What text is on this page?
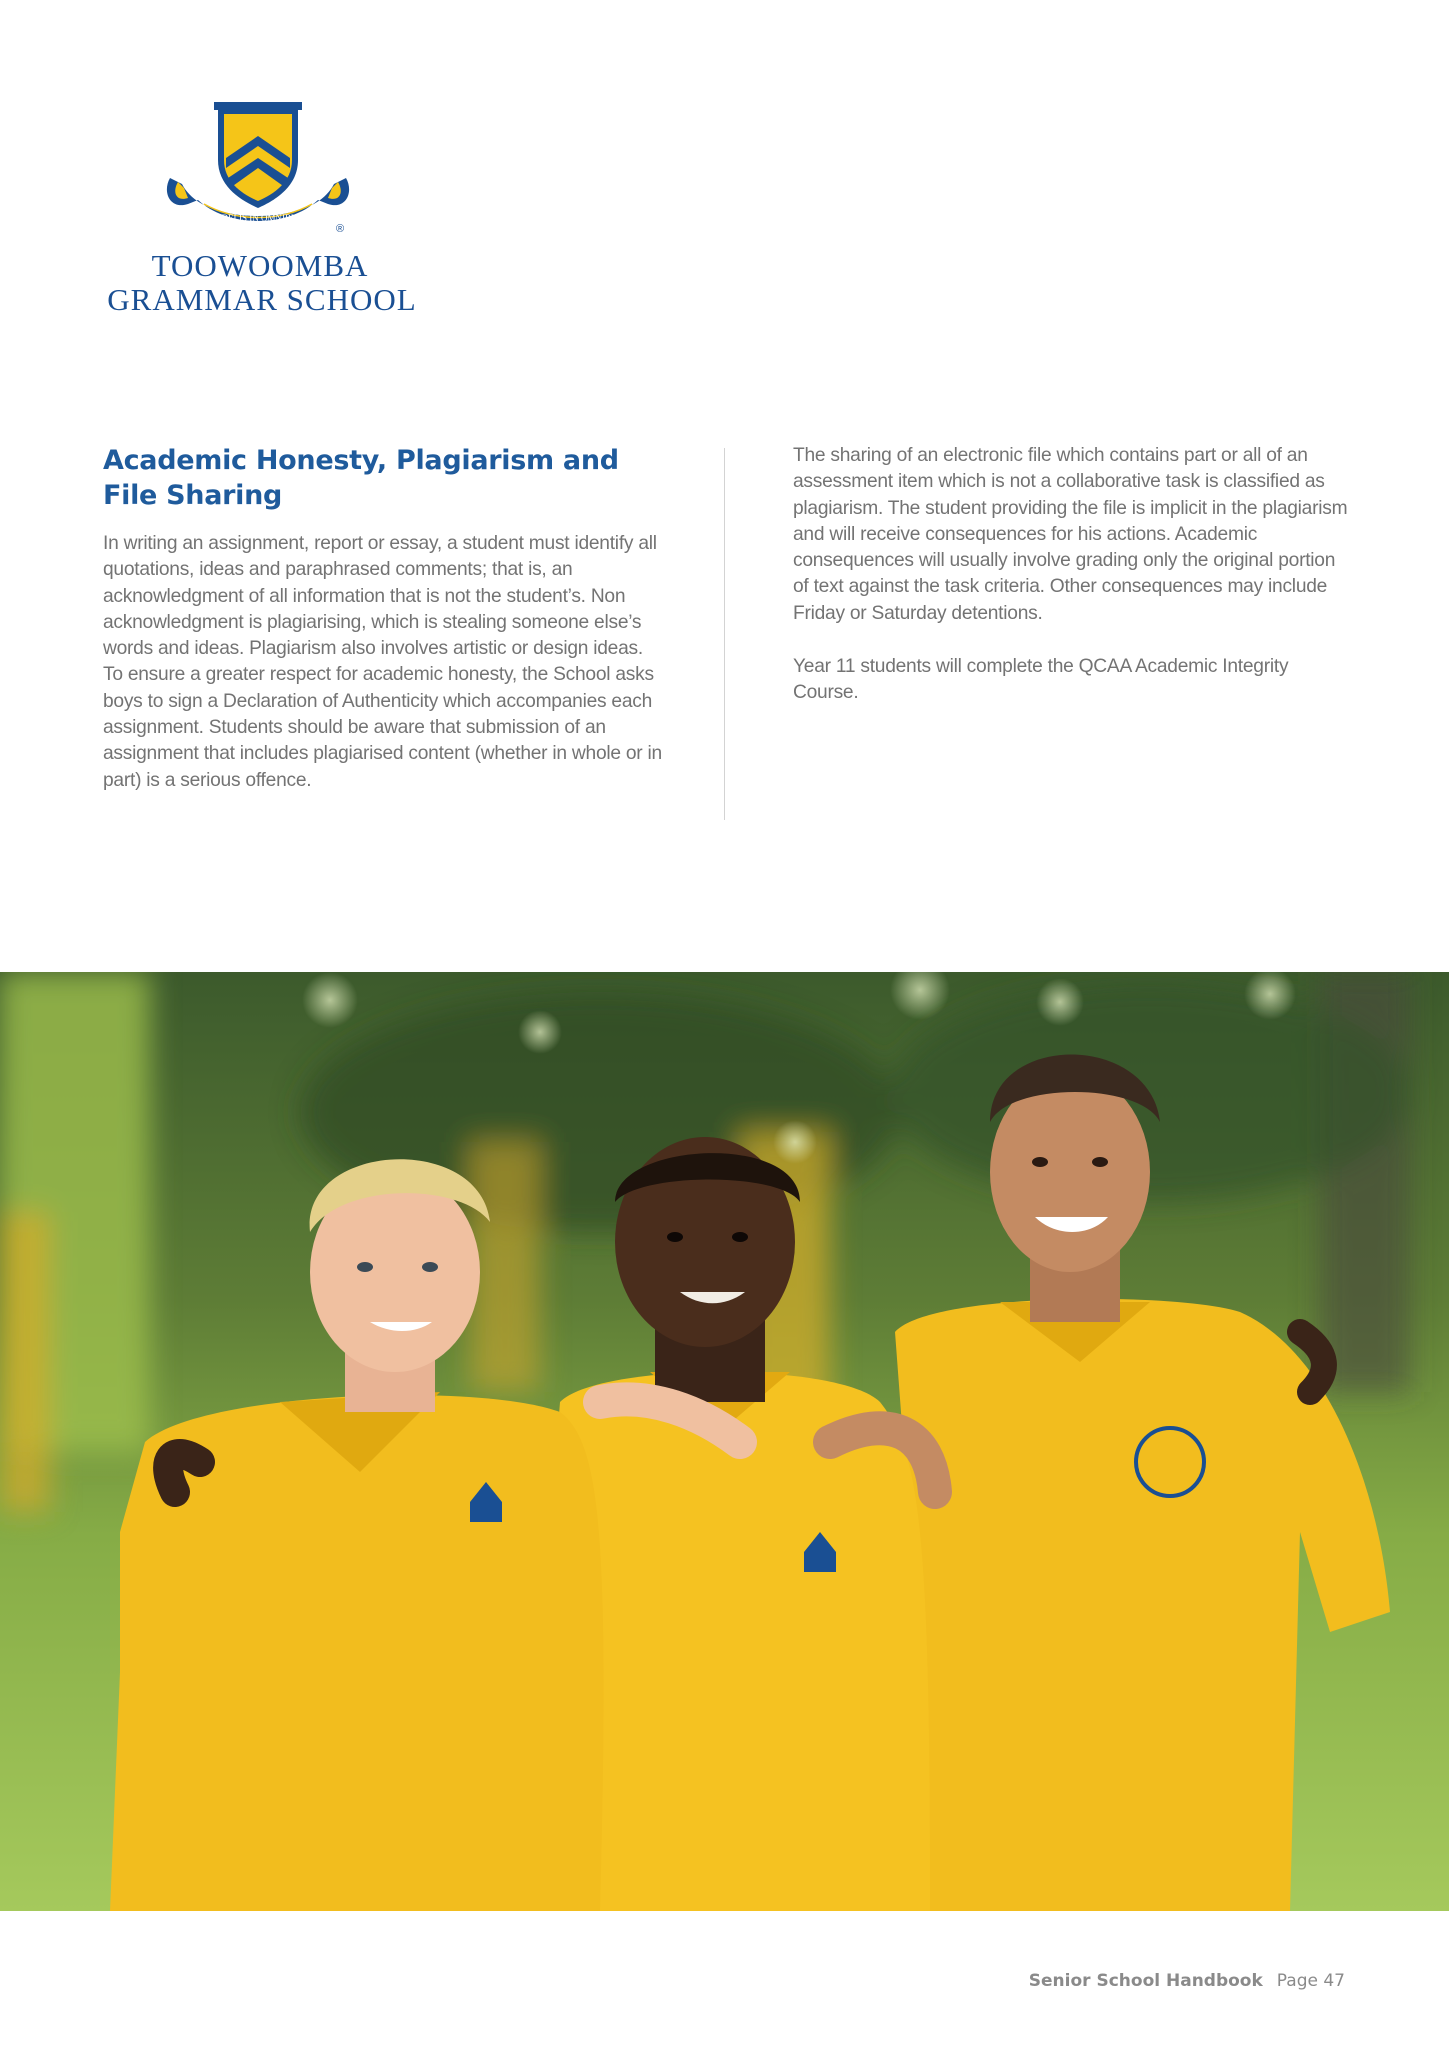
FIDELIS IN OMNIBUS
®
TOOWOOMBA
GRAMMAR SCHOOL
Academic Honesty, Plagiarism and File Sharing

In writing an assignment, report or essay, a student must identify all quotations, ideas and paraphrased comments; that is, an acknowledgment of all information that is not the student’s. Non acknowledgment is plagiarising, which is stealing someone else’s words and ideas. Plagiarism also involves artistic or design ideas. To ensure a greater respect for academic honesty, the School asks boys to sign a Declaration of Authenticity which accompanies each assignment. Students should be aware that submission of an assignment that includes plagiarised content (whether in whole or in part) is a serious offence.

The sharing of an electronic file which contains part or all of an assessment item which is not a collaborative task is classified as plagiarism. The student providing the file is implicit in the plagiarism and will receive consequences for his actions. Academic consequences will usually involve grading only the original portion of text against the task criteria. Other consequences may include Friday or Saturday detentions.

Year 11 students will complete the QCAA Academic Integrity Course.

Senior School Handbook Page 47
